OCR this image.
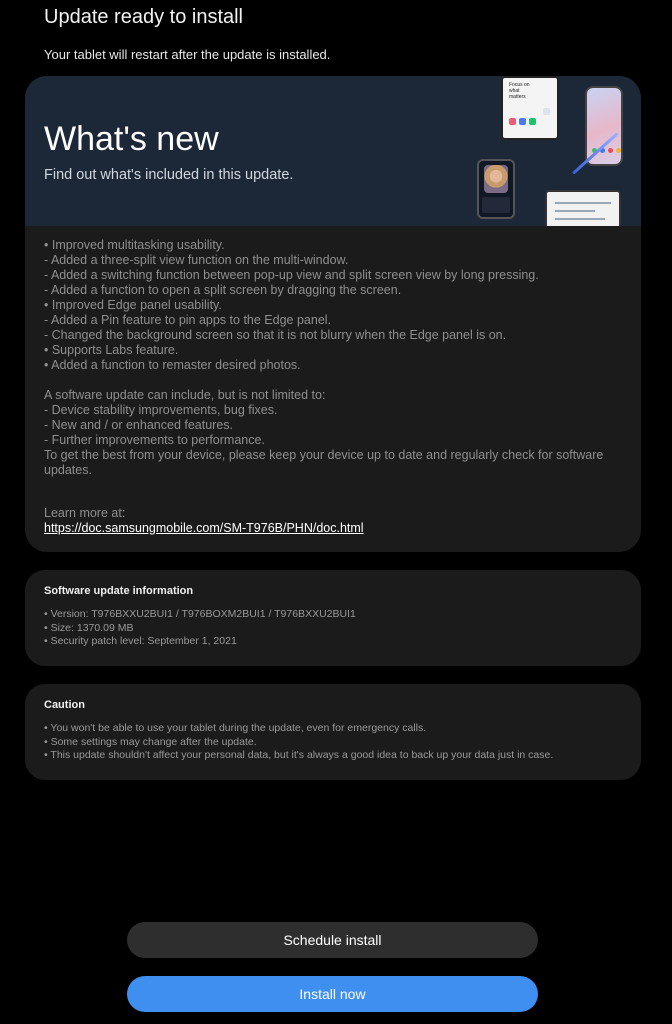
Update ready to install
Your tablet will restart after the update is installed.
What's new
Find out what's included in this update.
Focus on what matters
• Improved multitasking usability.
- Added a three-split view function on the multi-window.
- Added a switching function between pop-up view and split screen view by long pressing.
- Added a function to open a split screen by dragging the screen.
• Improved Edge panel usability.
- Added a Pin feature to pin apps to the Edge panel.
- Changed the background screen so that it is not blurry when the Edge panel is on.
• Supports Labs feature.
• Added a function to remaster desired photos.
A software update can include, but is not limited to:
- Device stability improvements, bug fixes.
- New and / or enhanced features.
- Further improvements to performance.
To get the best from your device, please keep your device up to date and regularly check for software updates.
Learn more at:
https://doc.samsungmobile.com/SM-T976B/PHN/doc.html
Software update information
• Version: T976BXXU2BUI1 / T976BOXM2BUI1 / T976BXXU2BUI1
• Size: 1370.09 MB
• Security patch level: September 1, 2021
Caution
• You won't be able to use your tablet during the update, even for emergency calls.
• Some settings may change after the update.
• This update shouldn't affect your personal data, but it's always a good idea to back up your data just in case.
Schedule install
Install now
